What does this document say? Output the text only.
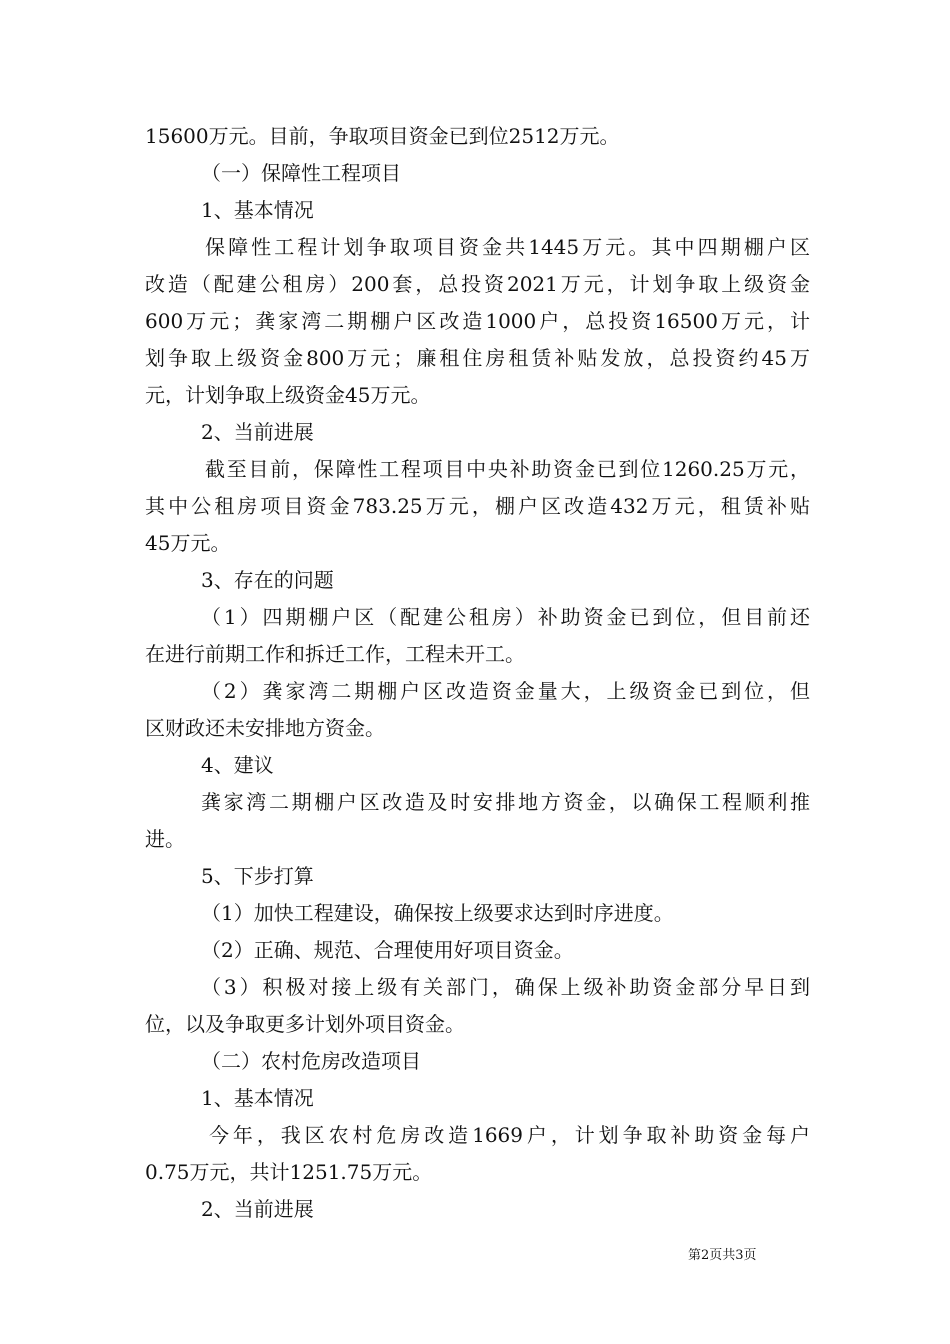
15600万元。目前，争取项目资金已到位2512万元。
（一）保障性工程项目
1、基本情况
保障性工程计划争取项目资金共1445万元。其中四期棚户区
改造（配建公租房）200套，总投资2021万元，计划争取上级资金
600万元；龚家湾二期棚户区改造1000户，总投资16500万元，计
划争取上级资金800万元；廉租住房租赁补贴发放，总投资约45万
元，计划争取上级资金45万元。
2、当前进展
截至目前，保障性工程项目中央补助资金已到位1260.25万元，
其中公租房项目资金783.25万元，棚户区改造432万元，租赁补贴
45万元。
3、存在的问题
（1）四期棚户区（配建公租房）补助资金已到位，但目前还
在进行前期工作和拆迁工作，工程未开工。
（2）龚家湾二期棚户区改造资金量大，上级资金已到位，但
区财政还未安排地方资金。
4、建议
龚家湾二期棚户区改造及时安排地方资金，以确保工程顺利推
进。
5、下步打算
（1）加快工程建设，确保按上级要求达到时序进度。
（2）正确、规范、合理使用好项目资金。
（3）积极对接上级有关部门，确保上级补助资金部分早日到
位，以及争取更多计划外项目资金。
（二）农村危房改造项目
1、基本情况
今年，我区农村危房改造1669户，计划争取补助资金每户
0.75万元，共计1251.75万元。
2、当前进展
第2页共3页
